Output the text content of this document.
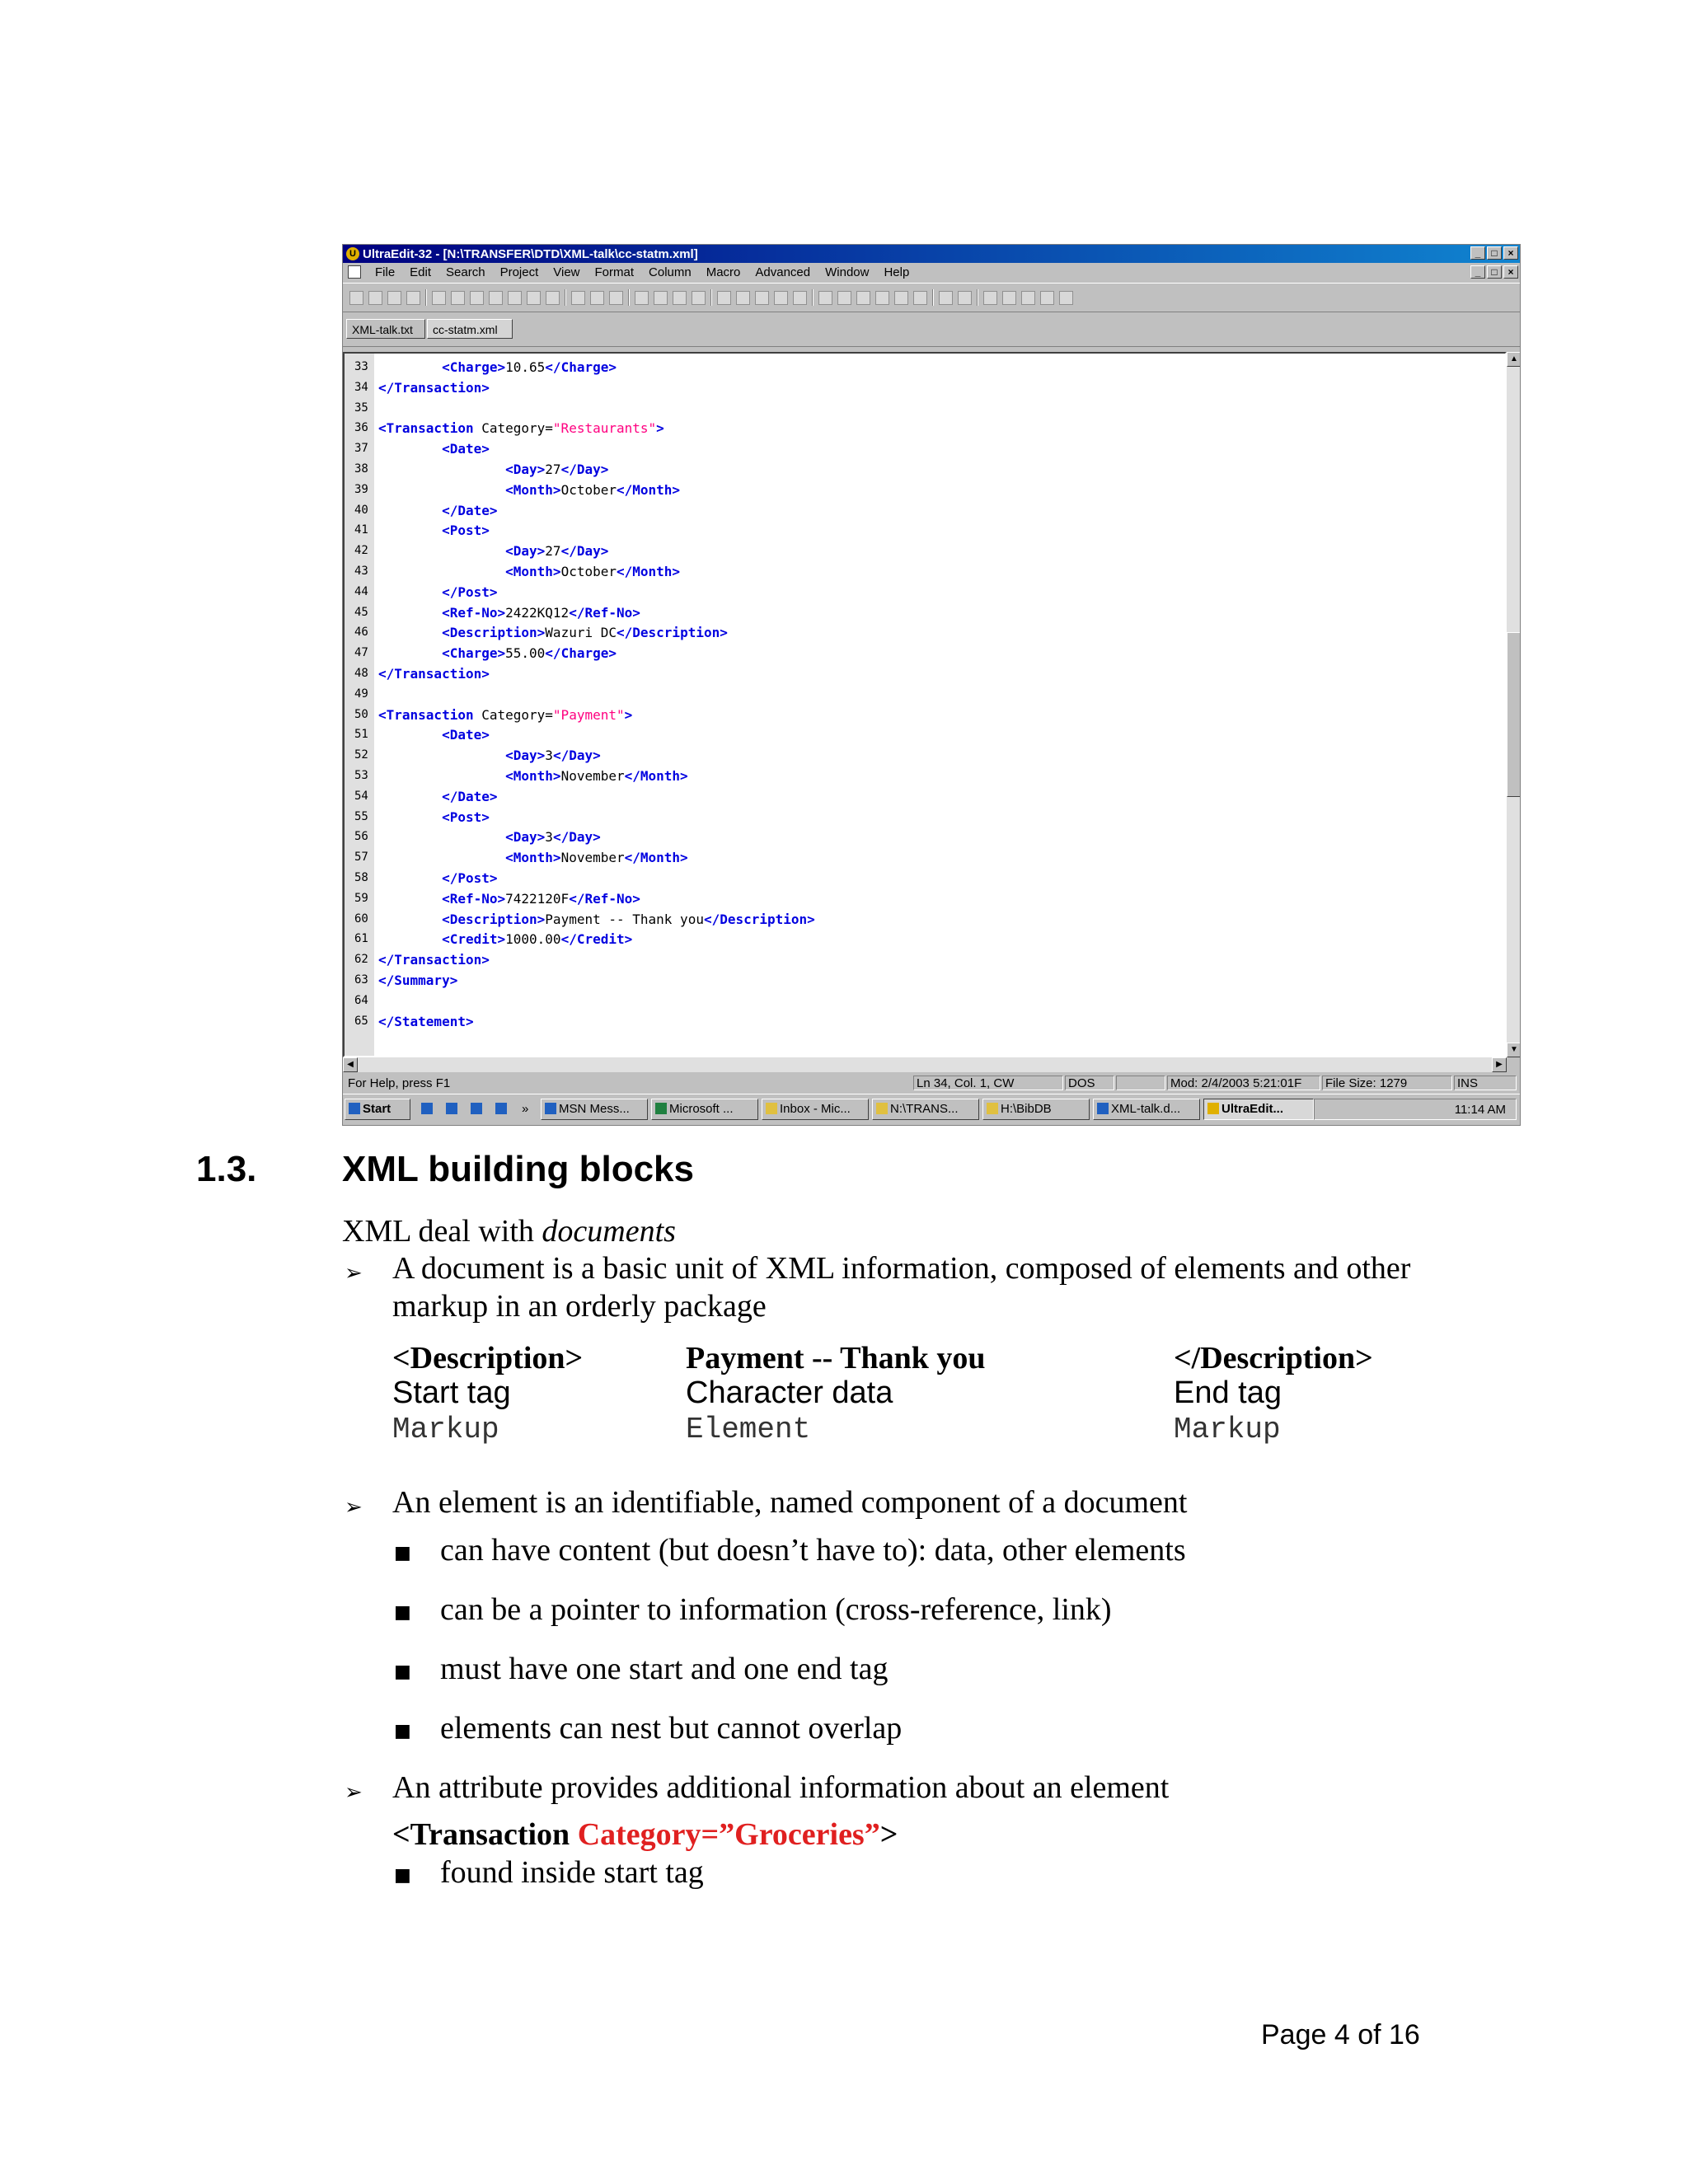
U UltraEdit-32 - [N:\TRANSFER\DTD\XML-talk\cc-statm.xml]	_	□	×
File	Edit	Search	Project	View	Format	Column	Macro	Advanced	Window	Help	_	□	×
XML-talk.txt	cc-statm.xml
33	<Charge>10.65</Charge>
34 </Transaction>
35
36 <Transaction Category="Restaurants">
37	<Date>
38	<Day>27</Day>
39	<Month>October</Month>
40	</Date>
41	<Post>
42	<Day>27</Day>
43	<Month>October</Month>
44	</Post>
45	<Ref-No>2422KQ12</Ref-No>
46	<Description>Wazuri DC</Description>
47	<Charge>55.00</Charge>
48 </Transaction>
49
50 <Transaction Category="Payment">
51	<Date>
52	<Day>3</Day>
53	<Month>November</Month>
54	</Date>
55	<Post>
56	<Day>3</Day>
57	<Month>November</Month>
58	</Post>
59	<Ref-No>7422120F</Ref-No>
60	<Description>Payment -- Thank you</Description>
61	<Credit>1000.00</Credit>
62 </Transaction>
63 </Summary>
64
65 </Statement>
▲
▼
◀	▶
For Help, press F1	Ln 34, Col. 1, CW	DOS	Mod: 2/4/2003 5:21:01F	File Size: 1279	INS
Start	»	MSN Mess...	Microsoft ...	Inbox - Mic...	N:\TRANS...	H:\BibDB	XML-talk.d...	UltraEdit...	11:14 AM
1.3. XML building blocks
XML deal with documents
➢ A document is a basic unit of XML information, composed of elements and other
markup in an orderly package
<Description>	Payment -- Thank you	</Description>
Start tag	Character data	End tag
Markup	Element	Markup
➢ An element is an identifiable, named component of a document
■ can have content (but doesn’t have to): data, other elements
■ can be a pointer to information (cross-reference, link)
■ must have one start and one end tag
■ elements can nest but cannot overlap
➢ An attribute provides additional information about an element
<Transaction Category=”Groceries”>
■ found inside start tag
Page 4 of 16
